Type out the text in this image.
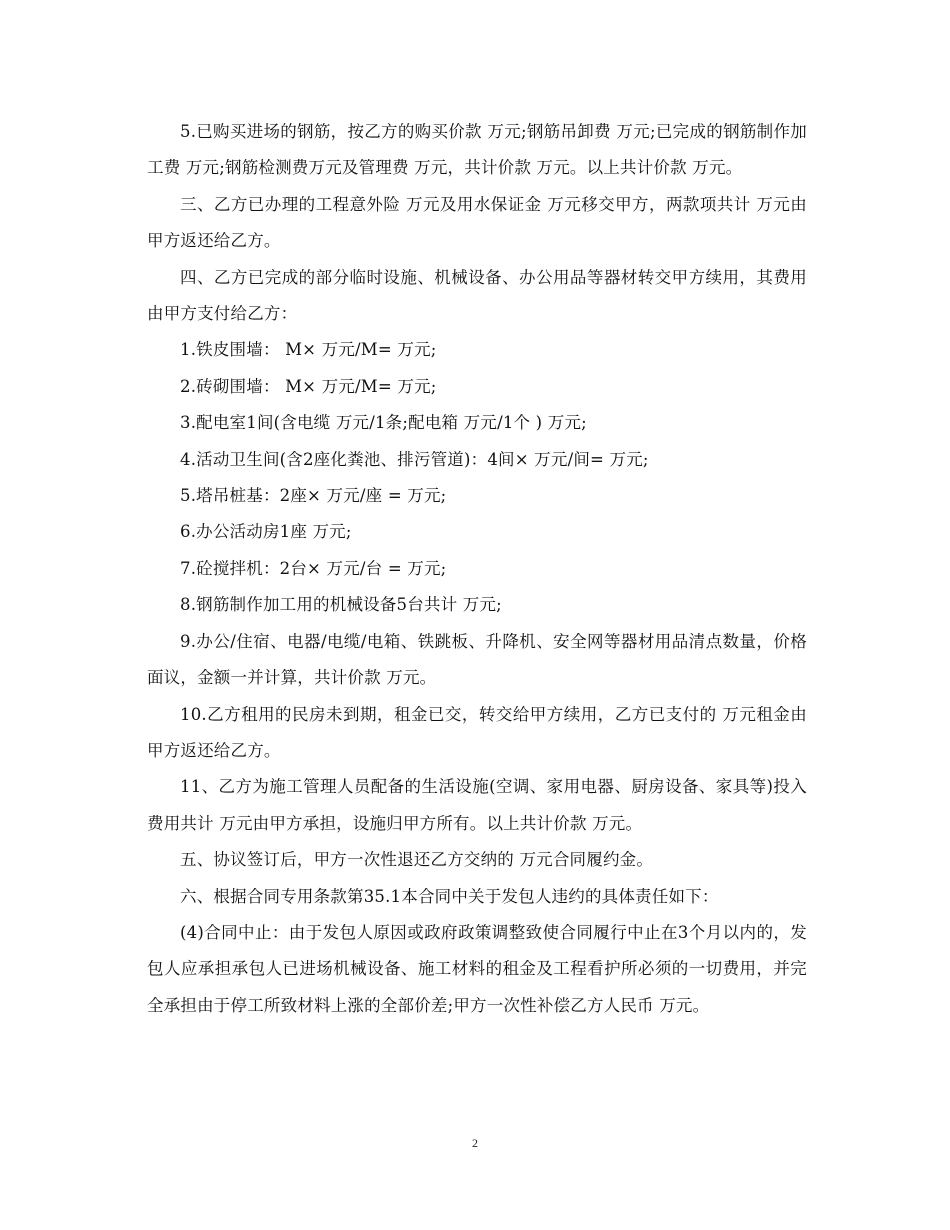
5.已购买进场的钢筋，按乙方的购买价款 万元;钢筋吊卸费 万元;已完成的钢筋制作加工费 万元;钢筋检测费万元及管理费 万元，共计价款 万元。以上共计价款 万元。

三、乙方已办理的工程意外险 万元及用水保证金 万元移交甲方，两款项共计 万元由甲方返还给乙方。

四、乙方已完成的部分临时设施、机械设备、办公用品等器材转交甲方续用，其费用由甲方支付给乙方：

1.铁皮围墙： M× 万元/M= 万元;

2.砖砌围墙： M× 万元/M= 万元;

3.配电室1间(含电缆 万元/1条;配电箱 万元/1个 ) 万元;

4.活动卫生间(含2座化粪池、排污管道)：4间× 万元/间= 万元;

5.塔吊桩基：2座× 万元/座 = 万元;

6.办公活动房1座 万元;

7.砼搅拌机：2台× 万元/台 = 万元;

8.钢筋制作加工用的机械设备5台共计 万元;

9.办公/住宿、电器/电缆/电箱、铁跳板、升降机、安全网等器材用品清点数量，价格面议，金额一并计算，共计价款 万元。

10.乙方租用的民房未到期，租金已交，转交给甲方续用，乙方已支付的 万元租金由甲方返还给乙方。

11、乙方为施工管理人员配备的生活设施(空调、家用电器、厨房设备、家具等)投入费用共计 万元由甲方承担，设施归甲方所有。以上共计价款 万元。

五、协议签订后，甲方一次性退还乙方交纳的 万元合同履约金。

六、根据合同专用条款第35.1本合同中关于发包人违约的具体责任如下：

(4)合同中止：由于发包人原因或政府政策调整致使合同履行中止在3个月以内的，发包人应承担承包人已进场机械设备、施工材料的租金及工程看护所必须的一切费用，并完全承担由于停工所致材料上涨的全部价差;甲方一次性补偿乙方人民币 万元。

2
